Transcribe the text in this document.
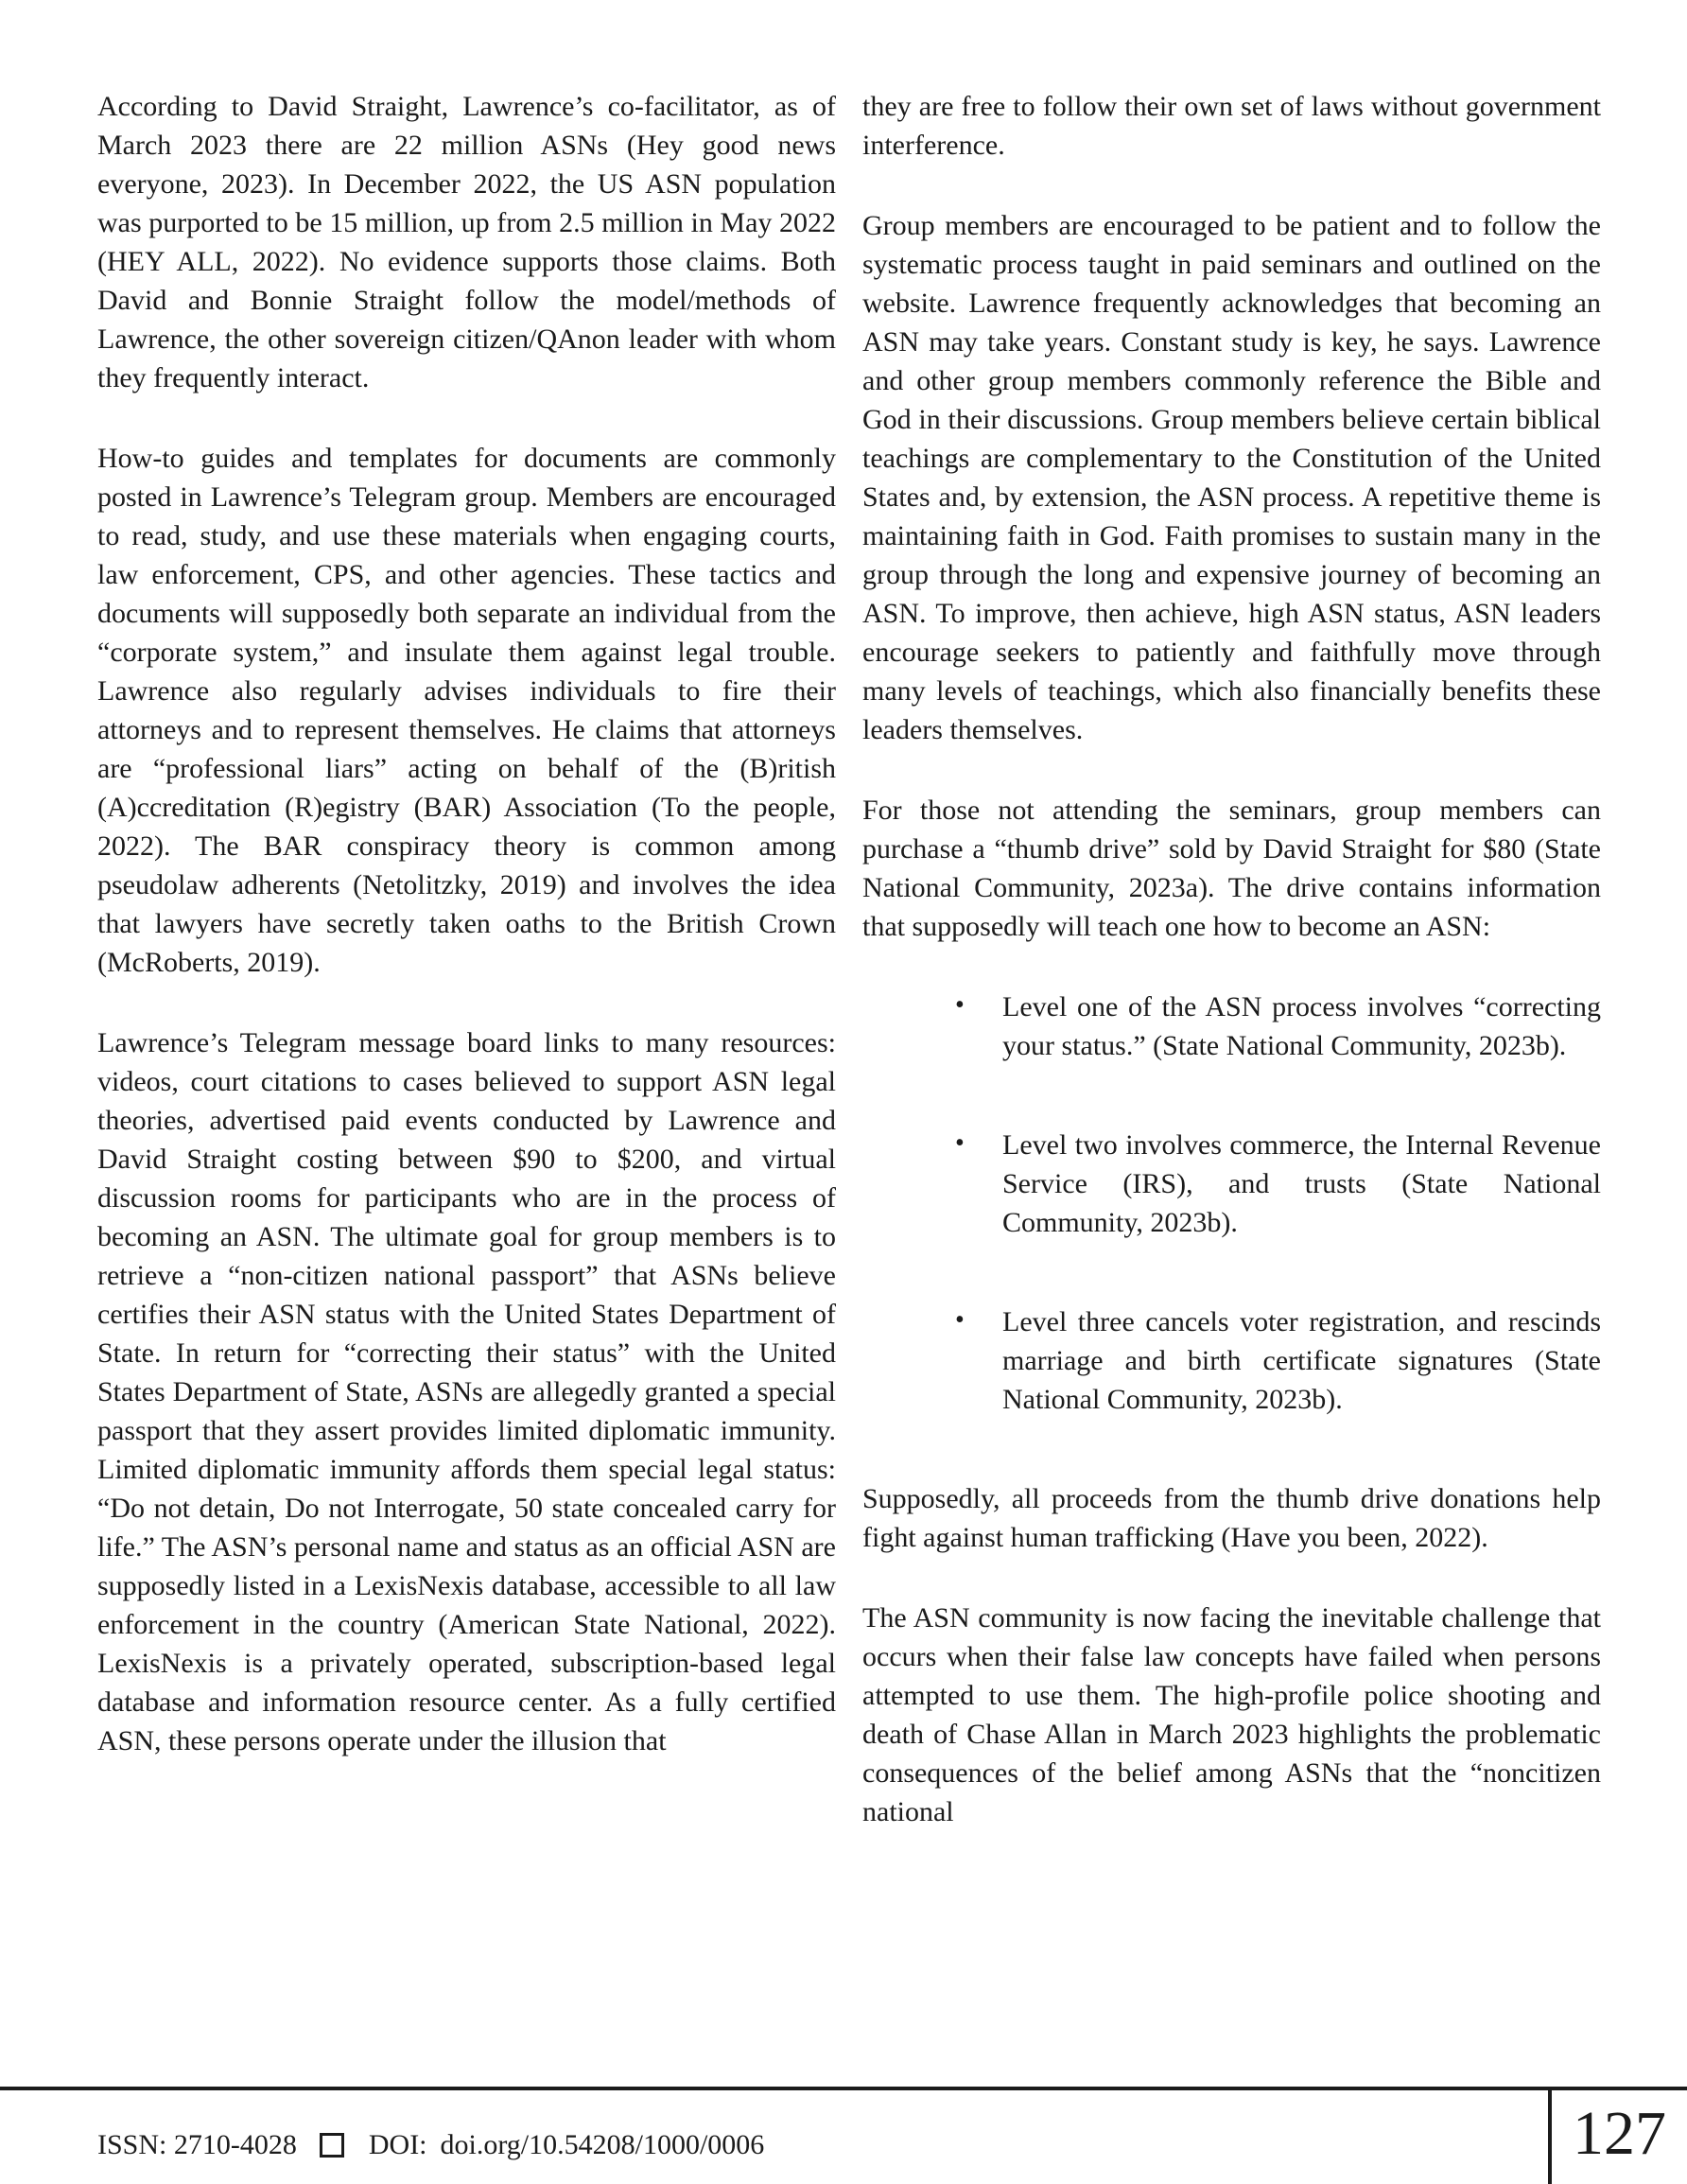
According to David Straight, Lawrence’s co-facilitator, as of March 2023 there are 22 million ASNs (Hey good news everyone, 2023). In December 2022, the US ASN population was purported to be 15 million, up from 2.5 million in May 2022 (HEY ALL, 2022). No evidence supports those claims. Both David and Bonnie Straight follow the model/methods of Lawrence, the other sovereign citizen/QAnon leader with whom they frequently interact.

How-to guides and templates for documents are commonly posted in Lawrence’s Telegram group. Members are encouraged to read, study, and use these materials when engaging courts, law enforcement, CPS, and other agencies. These tactics and documents will supposedly both separate an individual from the “corporate system,” and insulate them against legal trouble. Lawrence also regularly advises individuals to fire their attorneys and to represent themselves. He claims that attorneys are “professional liars” acting on behalf of the (B)ritish (A)ccreditation (R)egistry (BAR) Association (To the people, 2022). The BAR conspiracy theory is common among pseudolaw adherents (Netolitzky, 2019) and involves the idea that lawyers have secretly taken oaths to the British Crown (McRoberts, 2019).

Lawrence’s Telegram message board links to many resources: videos, court citations to cases believed to support ASN legal theories, advertised paid events conducted by Lawrence and David Straight costing between $90 to $200, and virtual discussion rooms for participants who are in the process of becoming an ASN. The ultimate goal for group members is to retrieve a “non-citizen national passport” that ASNs believe certifies their ASN status with the United States Department of State. In return for “correcting their status” with the United States Department of State, ASNs are allegedly granted a special passport that they assert provides limited diplomatic immunity. Limited diplomatic immunity affords them special legal status: “Do not detain, Do not Interrogate, 50 state concealed carry for life.” The ASN’s personal name and status as an official ASN are supposedly listed in a LexisNexis database, accessible to all law enforcement in the country (American State National, 2022). LexisNexis is a privately operated, subscription-based legal database and information resource center. As a fully certified ASN, these persons operate under the illusion that

they are free to follow their own set of laws without government interference.

Group members are encouraged to be patient and to follow the systematic process taught in paid seminars and outlined on the website. Lawrence frequently acknowledges that becoming an ASN may take years. Constant study is key, he says. Lawrence and other group members commonly reference the Bible and God in their discussions. Group members believe certain biblical teachings are complementary to the Constitution of the United States and, by extension, the ASN process. A repetitive theme is maintaining faith in God. Faith promises to sustain many in the group through the long and expensive journey of becoming an ASN. To improve, then achieve, high ASN status, ASN leaders encourage seekers to patiently and faithfully move through many levels of teachings, which also financially benefits these leaders themselves.

For those not attending the seminars, group members can purchase a “thumb drive” sold by David Straight for $80 (State National Community, 2023a). The drive contains information that supposedly will teach one how to become an ASN:

• Level one of the ASN process involves “correcting your status.” (State National Community, 2023b).
• Level two involves commerce, the Internal Revenue Service (IRS), and trusts (State National Community, 2023b).
• Level three cancels voter registration, and rescinds marriage and birth certificate signatures (State National Community, 2023b).

Supposedly, all proceeds from the thumb drive donations help fight against human trafficking (Have you been, 2022).

The ASN community is now facing the inevitable challenge that occurs when their false law concepts have failed when persons attempted to use them. The high-profile police shooting and death of Chase Allan in March 2023 highlights the problematic consequences of the belief among ASNs that the “noncitizen national

ISSN: 2710-4028	DOI: doi.org/10.54208/1000/0006	127
